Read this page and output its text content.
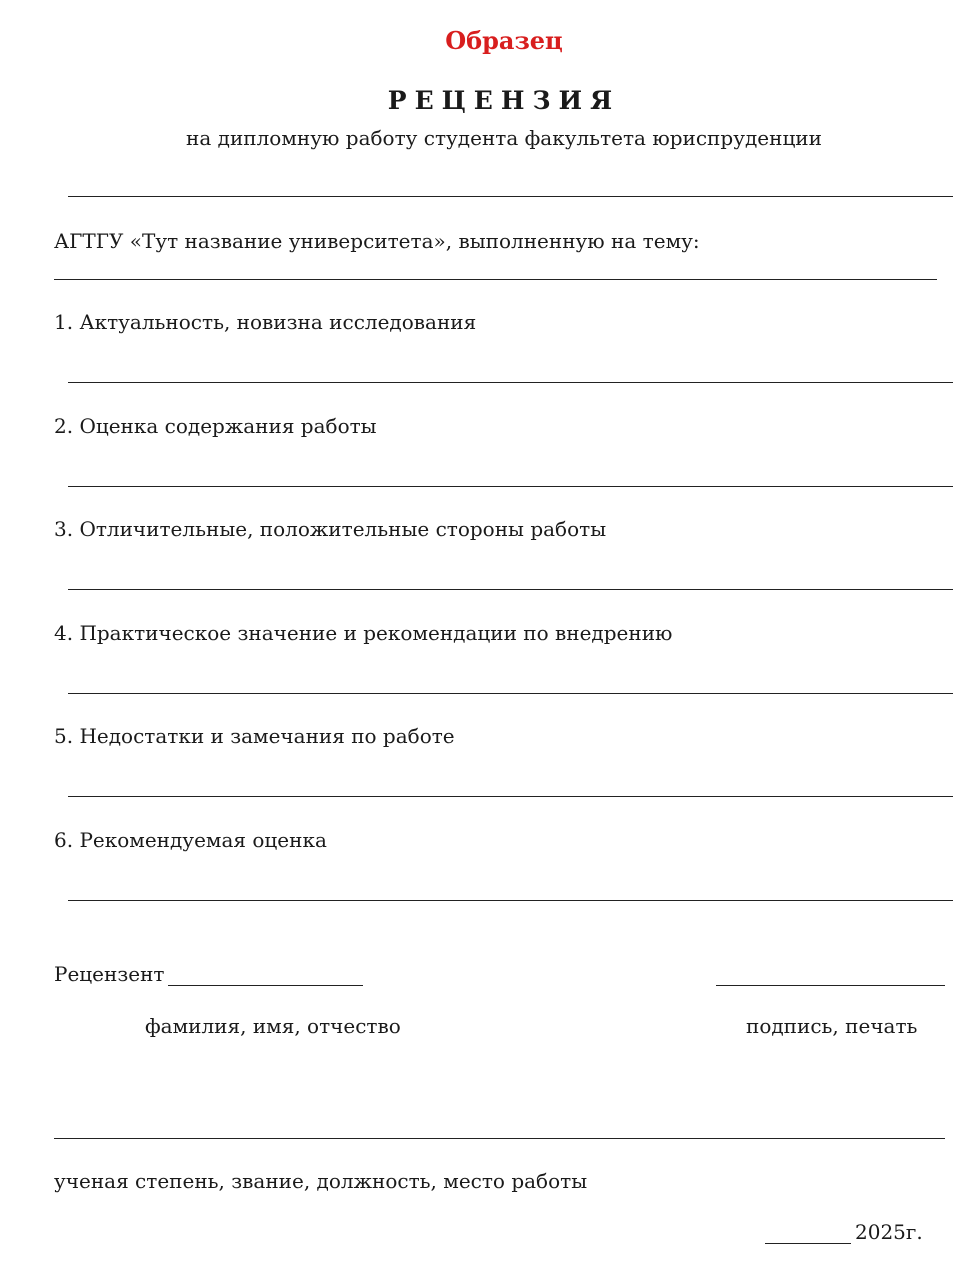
Образец
РЕЦЕНЗИЯ
на дипломную работу студента факультета юриспруденции
АГТГУ «Тут название университета», выполненную на тему:
1. Актуальность, новизна исследования
2. Оценка содержания работы
3. Отличительные, положительные стороны работы
4. Практическое значение и рекомендации по внедрению
5. Недостатки и замечания по работе
6. Рекомендуемая оценка
Рецензент
фамилия, имя, отчество	подпись, печать
ученая степень, звание, должность, место работы
2025г.
